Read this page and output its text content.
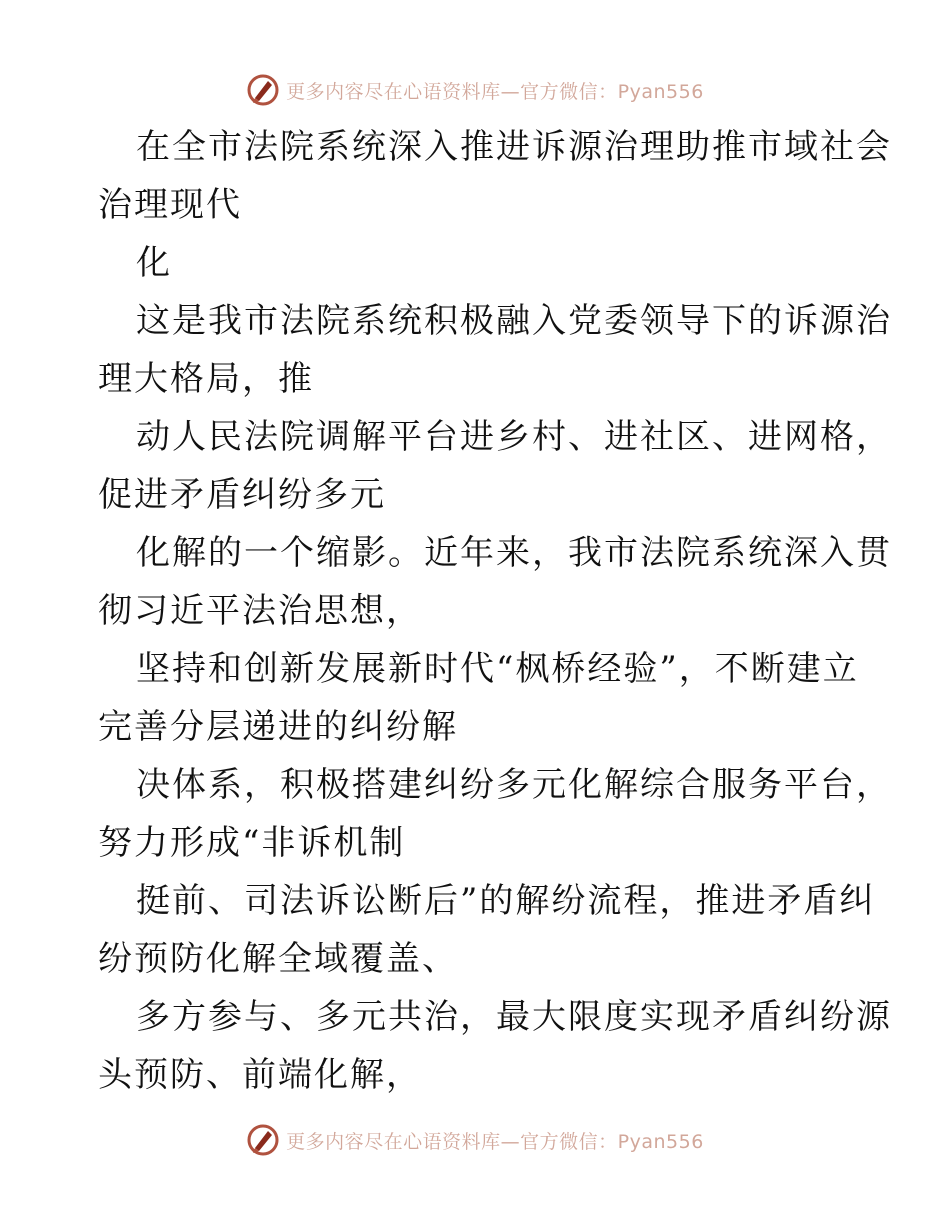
更多内容尽在心语资料库—官方微信：Pyan556

在全市法院系统深入推进诉源治理助推市域社会
治理现代

化

这是我市法院系统积极融入党委领导下的诉源治
理大格局，推

动人民法院调解平台进乡村、进社区、进网格，
促进矛盾纠纷多元

化解的一个缩影。近年来，我市法院系统深入贯
彻习近平法治思想，

坚持和创新发展新时代“枫桥经验”，不断建立
完善分层递进的纠纷解

决体系，积极搭建纠纷多元化解综合服务平台，
努力形成“非诉机制

挺前、司法诉讼断后”的解纷流程，推进矛盾纠
纷预防化解全域覆盖、

多方参与、多元共治，最大限度实现矛盾纠纷源
头预防、前端化解，

更多内容尽在心语资料库—官方微信：Pyan556
